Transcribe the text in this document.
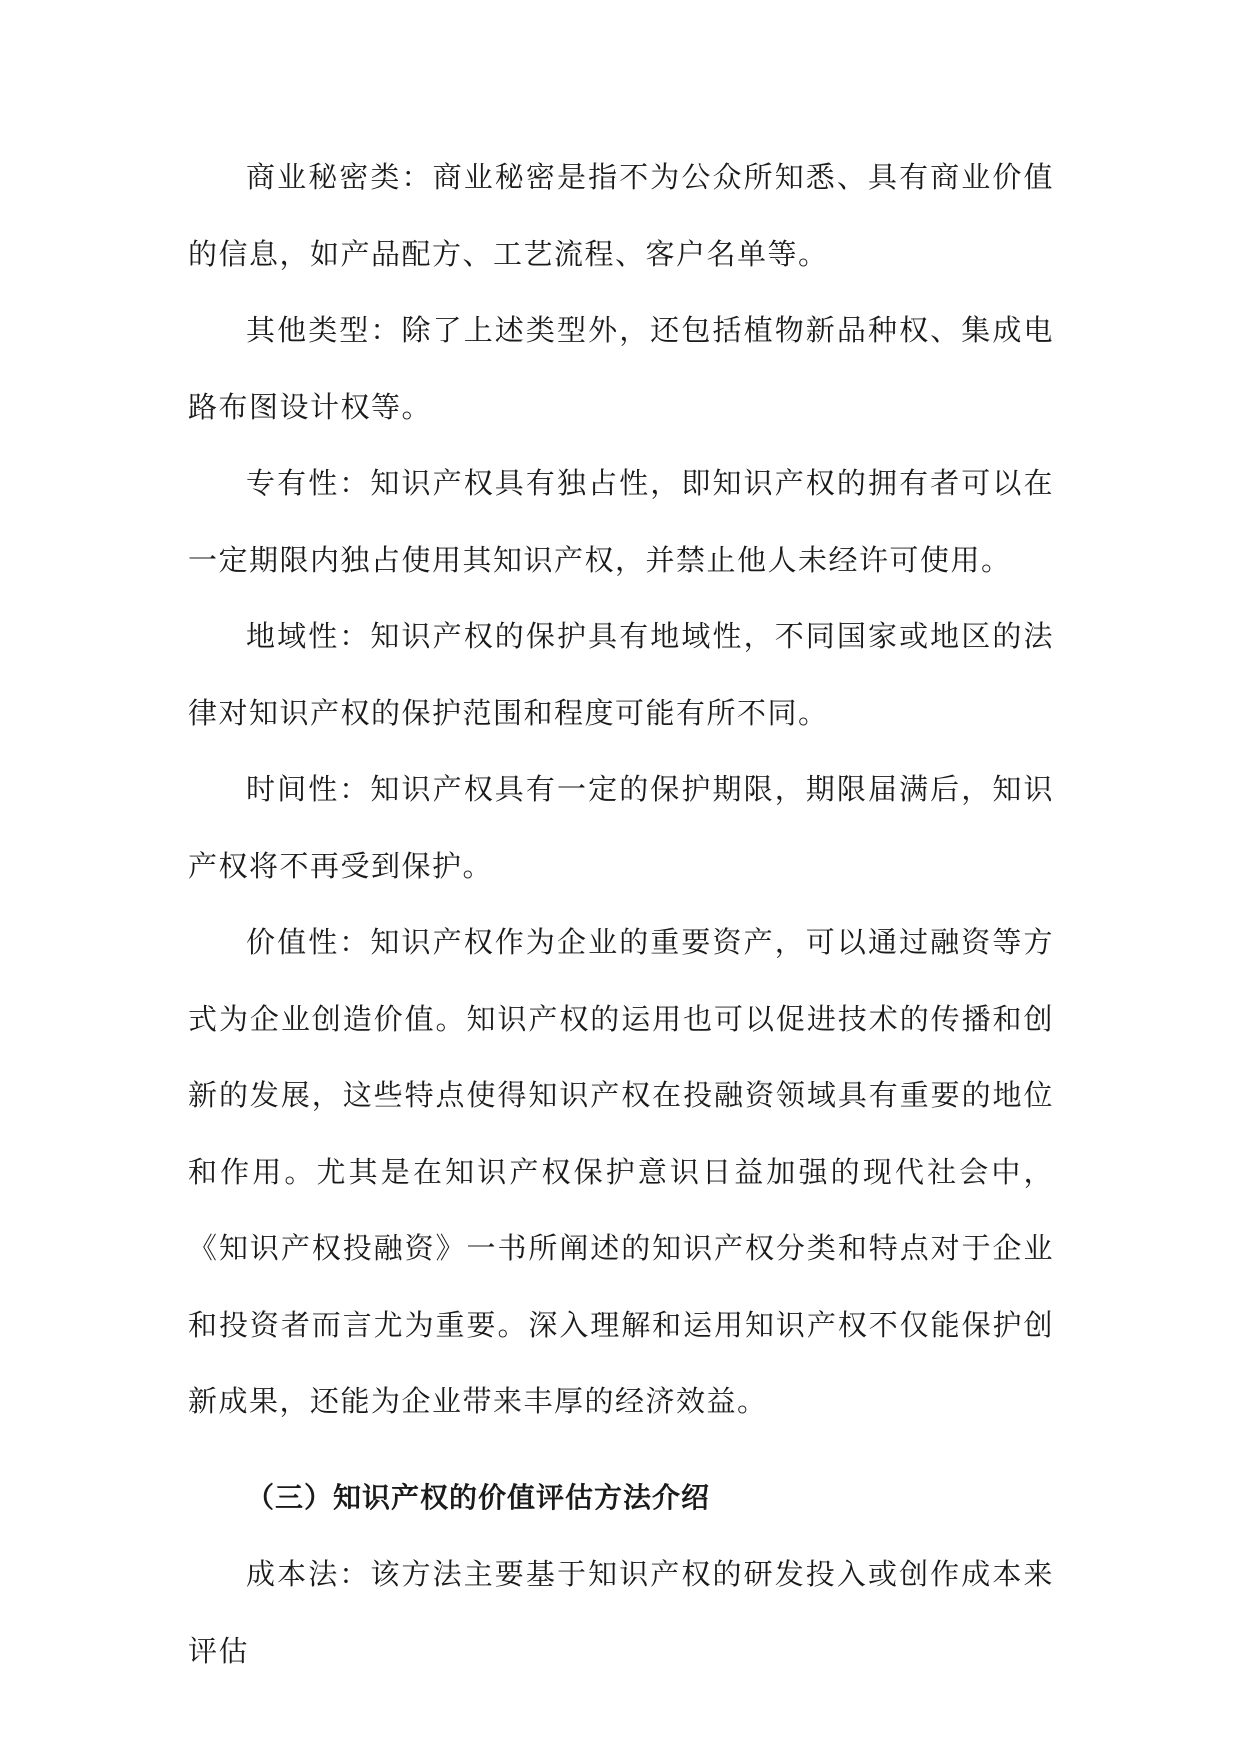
商业秘密类：商业秘密是指不为公众所知悉、具有商业价值的信息，如产品配方、工艺流程、客户名单等。

其他类型：除了上述类型外，还包括植物新品种权、集成电路布图设计权等。

专有性：知识产权具有独占性，即知识产权的拥有者可以在一定期限内独占使用其知识产权，并禁止他人未经许可使用。

地域性：知识产权的保护具有地域性，不同国家或地区的法律对知识产权的保护范围和程度可能有所不同。

时间性：知识产权具有一定的保护期限，期限届满后，知识产权将不再受到保护。

价值性：知识产权作为企业的重要资产，可以通过融资等方式为企业创造价值。知识产权的运用也可以促进技术的传播和创新的发展，这些特点使得知识产权在投融资领域具有重要的地位和作用。尤其是在知识产权保护意识日益加强的现代社会中，《知识产权投融资》一书所阐述的知识产权分类和特点对于企业和投资者而言尤为重要。深入理解和运用知识产权不仅能保护创新成果，还能为企业带来丰厚的经济效益。

（三）知识产权的价值评估方法介绍

成本法：该方法主要基于知识产权的研发投入或创作成本来评估
